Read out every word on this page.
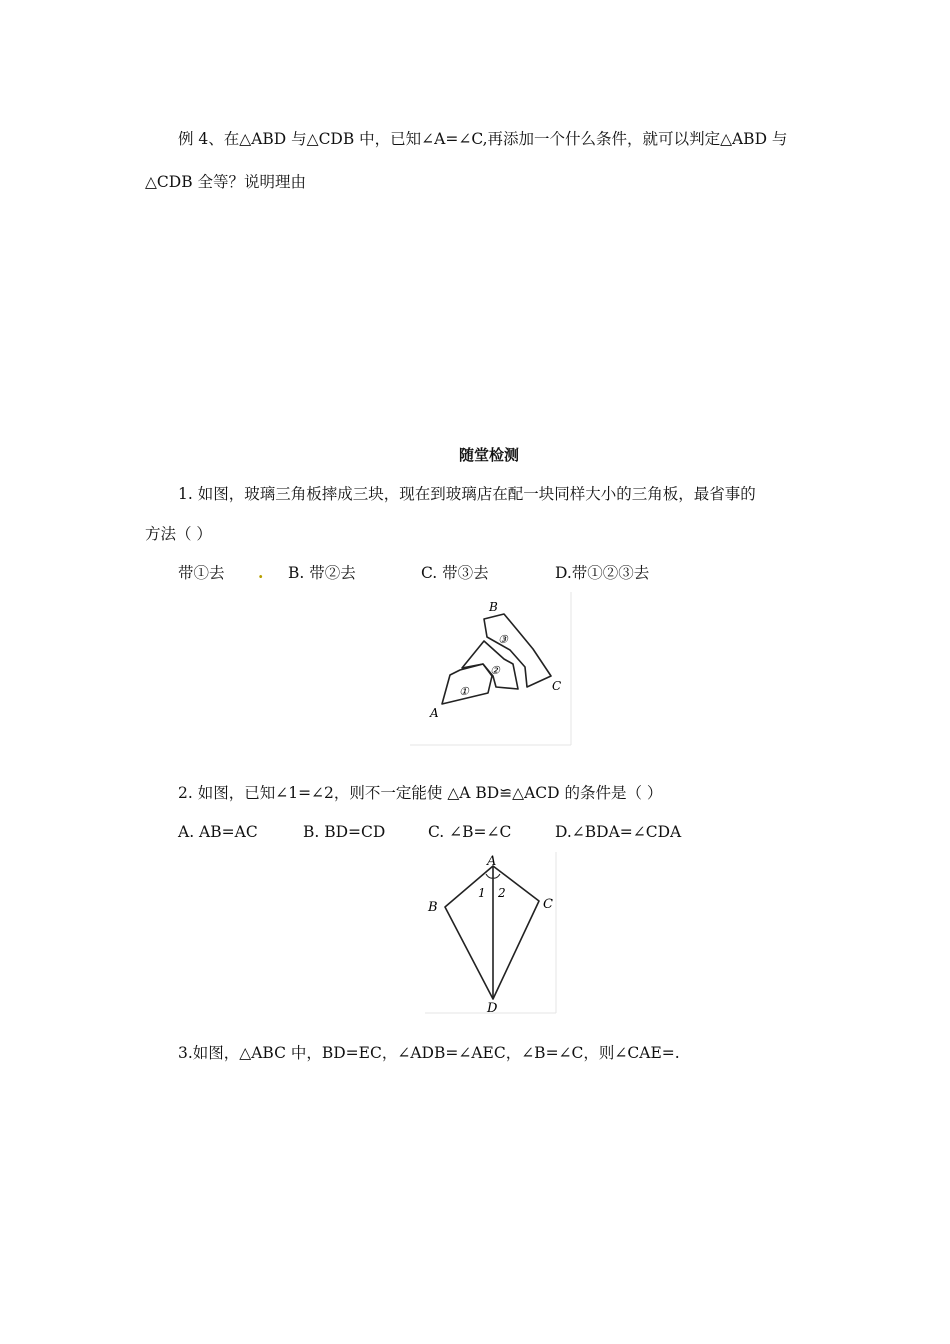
例 4、在△ABD 与△CDB 中，已知∠A=∠C,再添加一个什么条件，就可以判定△ABD 与
△CDB 全等？说明理由
随堂检测
1. 如图，玻璃三角板摔成三块，现在到玻璃店在配一块同样大小的三角板，最省事的
方法（ ）
带①去 . B. 带②去	C. 带③去	D.带①②③去
B
C
A
③
②
①
2. 如图，已知∠1=∠2，则不一定能使 △A BD≌△ACD 的条件是（ ）
A. AB=AC	B. BD=CD	C. ∠B=∠C	D.∠BDA=∠CDA
A
B	C
D
1 2
3.如图，△ABC 中，BD=EC，∠ADB=∠AEC，∠B=∠C，则∠CAE=.
